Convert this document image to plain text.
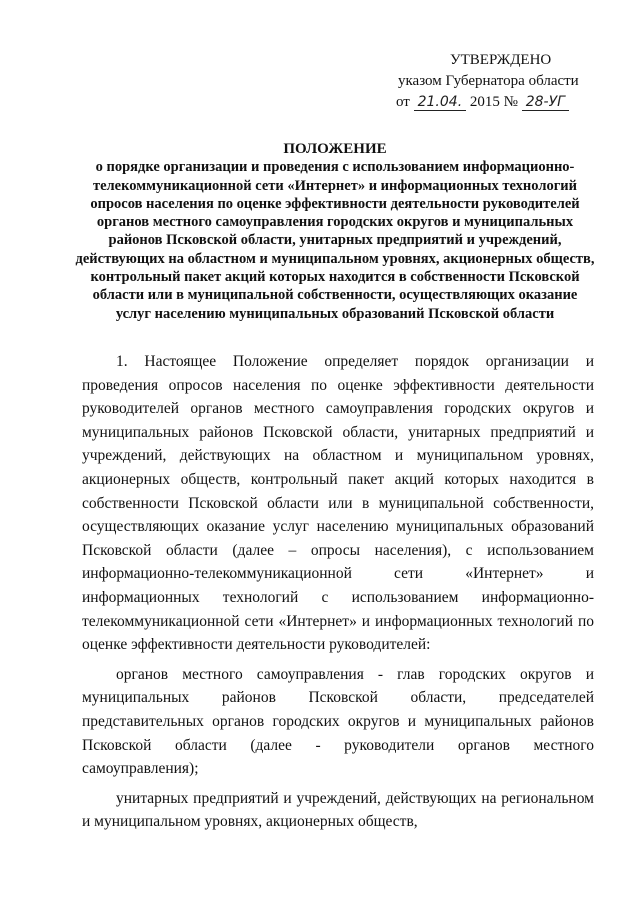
УТВЕРЖДЕНО
указом Губернатора области
от 21.04. 2015 № 28-УГ
ПОЛОЖЕНИЕ
о порядке организации и проведения с использованием информационно-телекоммуникационной сети «Интернет» и информационных технологий опросов населения по оценке эффективности деятельности руководителей органов местного самоуправления городских округов и муниципальных районов Псковской области, унитарных предприятий и учреждений, действующих на областном и муниципальном уровнях, акционерных обществ, контрольный пакет акций которых находится в собственности Псковской области или в муниципальной собственности, осуществляющих оказание услуг населению муниципальных образований Псковской области

1. Настоящее Положение определяет порядок организации и проведения опросов населения по оценке эффективности деятельности руководителей органов местного самоуправления городских округов и муниципальных районов Псковской области, унитарных предприятий и учреждений, действующих на областном и муниципальном уровнях, акционерных обществ, контрольный пакет акций которых находится в собственности Псковской области или в муниципальной собственности, осуществляющих оказание услуг населению муниципальных образований Псковской области (далее – опросы населения), с использованием информационно-телекоммуникационной сети «Интернет» и информационных технологий с использованием информационно-телекоммуникационной сети «Интернет» и информационных технологий по оценке эффективности деятельности руководителей:

органов местного самоуправления - глав городских округов и муниципальных районов Псковской области, председателей представительных органов городских округов и муниципальных районов Псковской области (далее - руководители органов местного самоуправления);

унитарных предприятий и учреждений, действующих на региональном и муниципальном уровнях, акционерных обществ,
